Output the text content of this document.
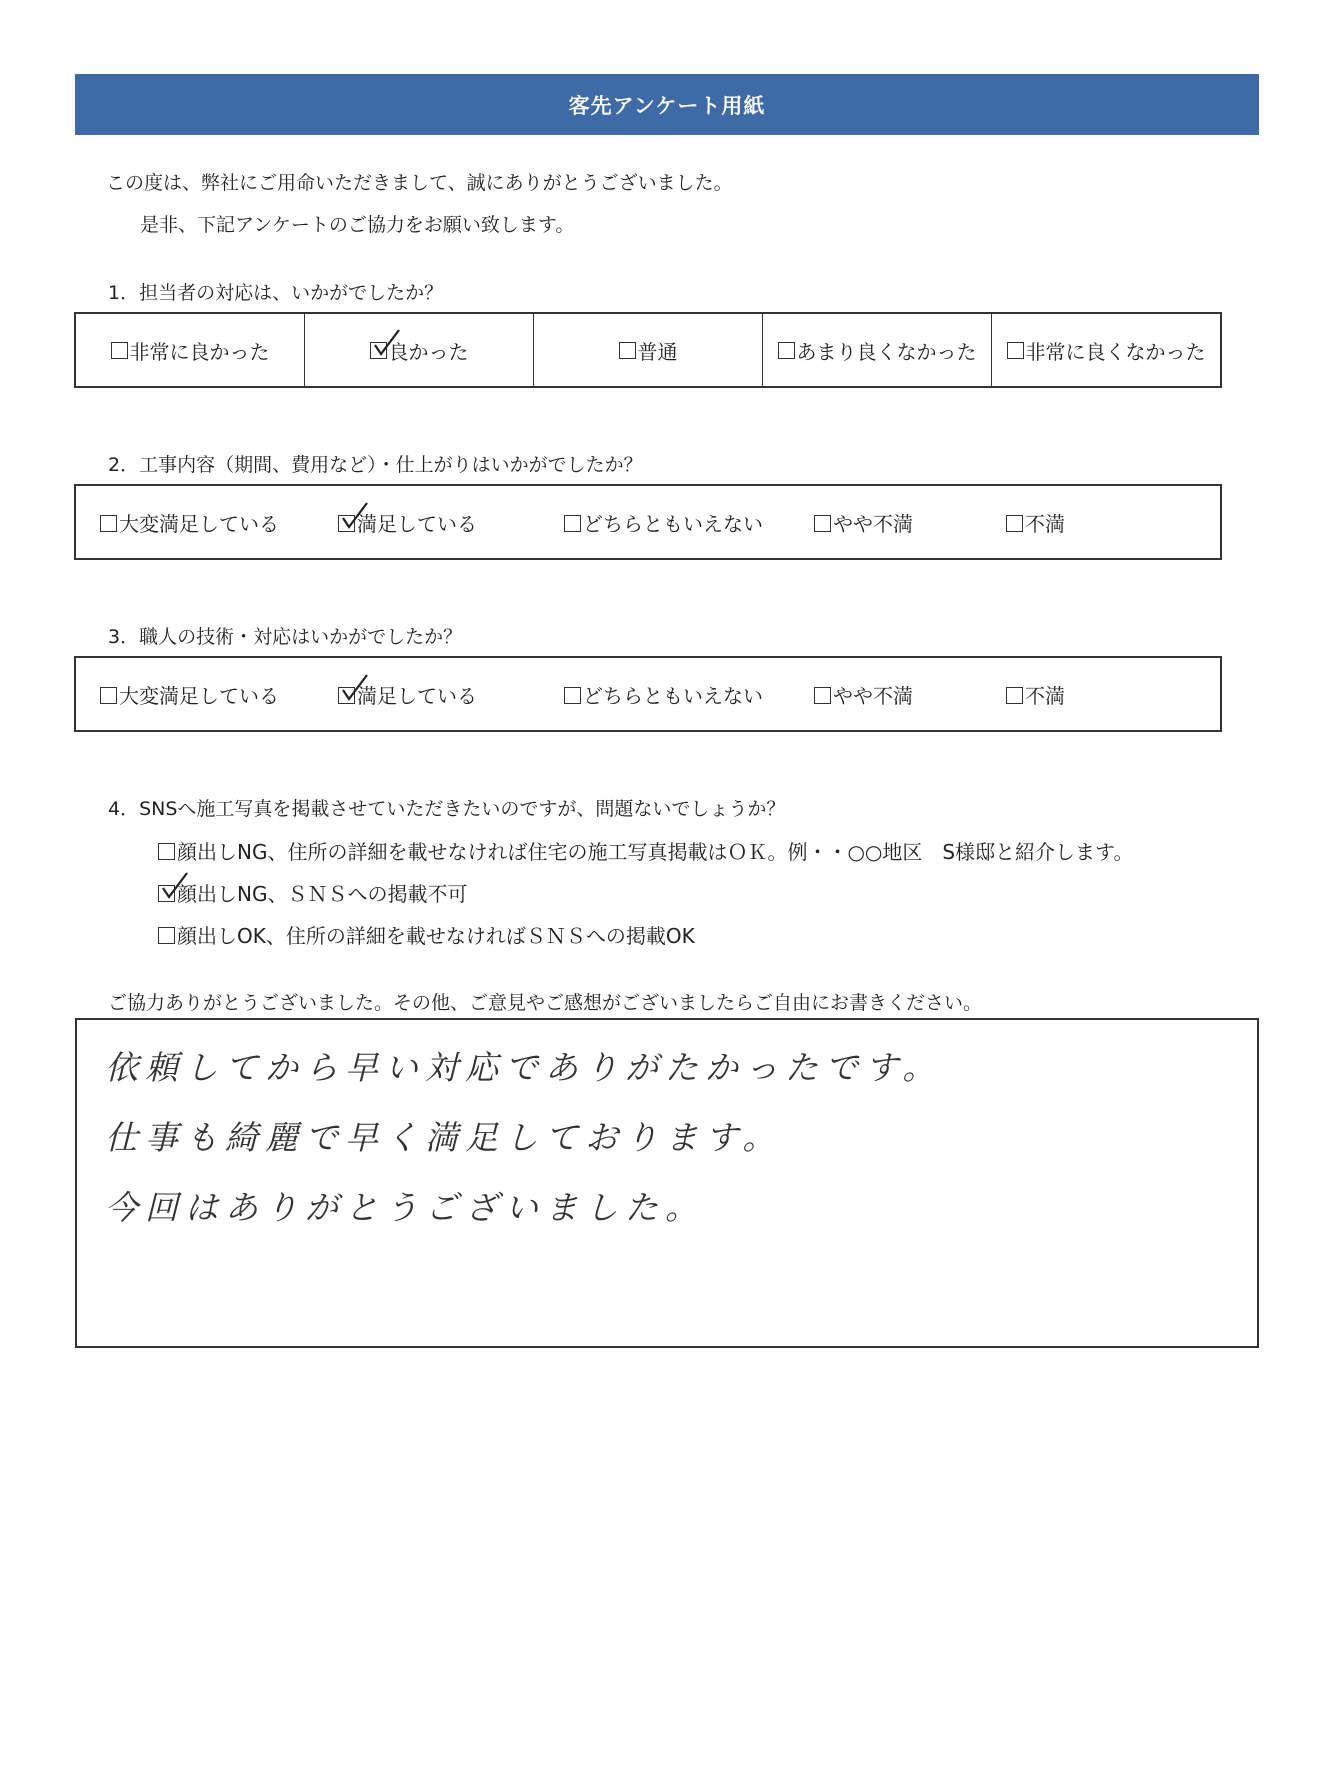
客先アンケート用紙
この度は、弊社にご用命いただきまして、誠にありがとうございました。
是非、下記アンケートのご協力をお願い致します。
1．担当者の対応は、いかがでしたか？
非常に良かった	良かった	普通	あまり良くなかった 非常に良くなかった
2．工事内容（期間、費用など）・仕上がりはいかがでしたか？
大変満足している	満足している	どちらともいえない	やや不満	不満
3．職人の技術・対応はいかがでしたか？
大変満足している	満足している	どちらともいえない	やや不満	不満
4．SNSへ施工写真を掲載させていただきたいのですが、問題ないでしょうか？
顔出しNG、住所の詳細を載せなければ住宅の施工写真掲載はＯＫ。例・・○○地区　S様邸と紹介します。
顔出しNG、ＳＮＳへの掲載不可
顔出しOK、住所の詳細を載せなければＳＮＳへの掲載OK
ご協力ありがとうございました。その他、ご意見やご感想がございましたらご自由にお書きください。
依頼してから早い対応でありがたかったです。
仕事も綺麗で早く満足しております。
今回はありがとうございました。
